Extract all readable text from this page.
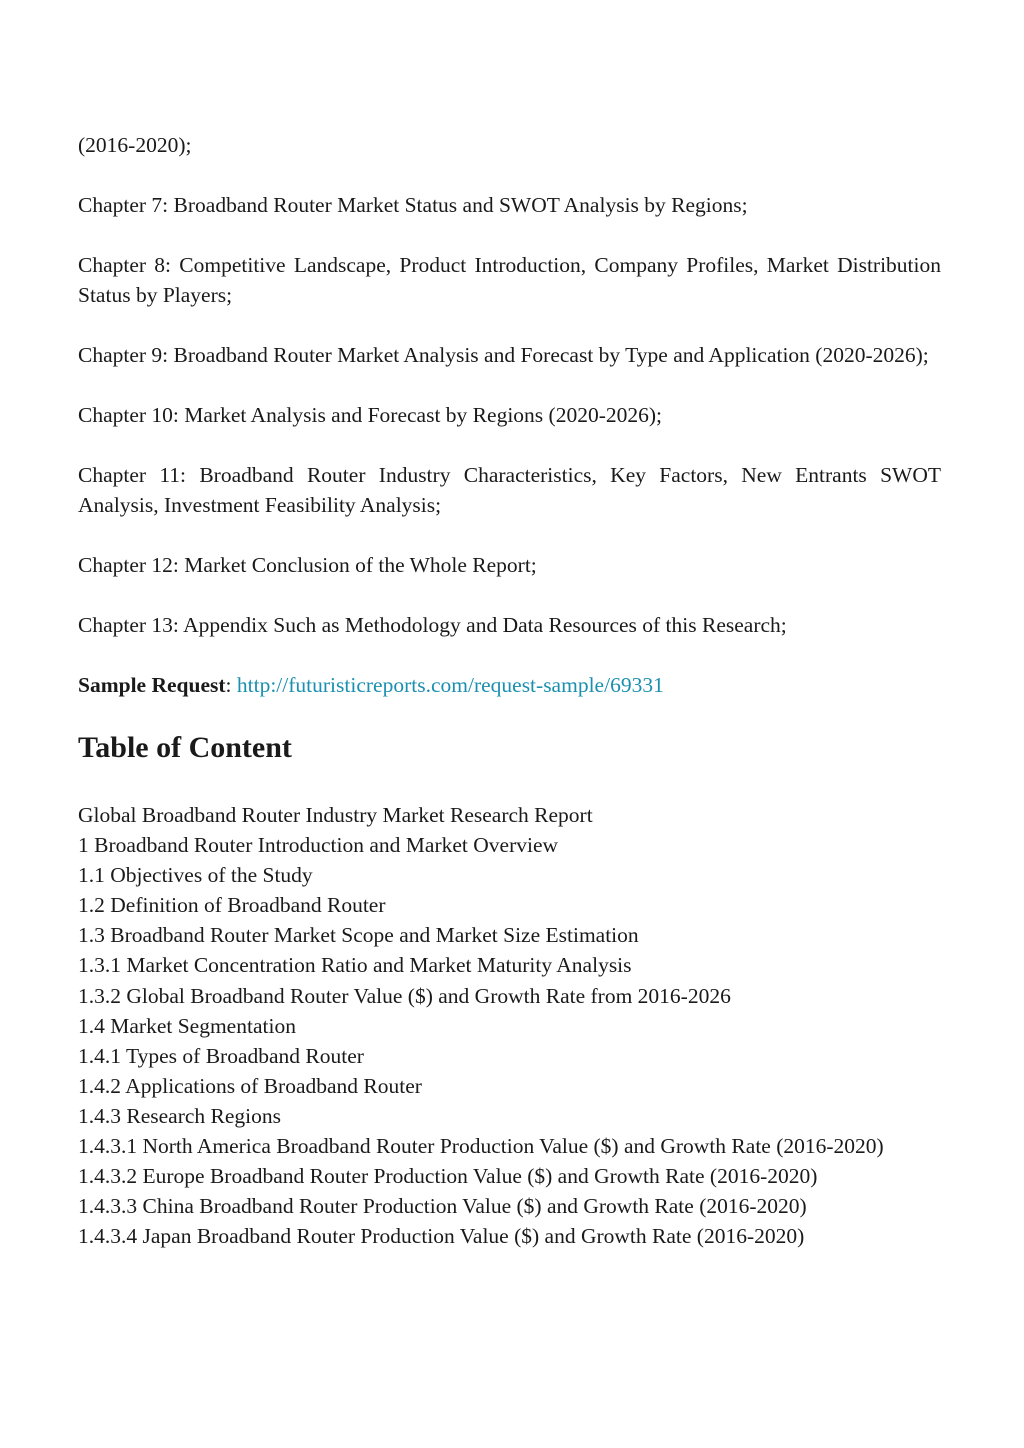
(2016-2020);

Chapter 7: Broadband Router Market Status and SWOT Analysis by Regions;

Chapter 8: Competitive Landscape, Product Introduction, Company Profiles, Market Distribution Status by Players;

Chapter 9: Broadband Router Market Analysis and Forecast by Type and Application (2020-2026);

Chapter 10: Market Analysis and Forecast by Regions (2020-2026);

Chapter 11: Broadband Router Industry Characteristics, Key Factors, New Entrants SWOT Analysis, Investment Feasibility Analysis;

Chapter 12: Market Conclusion of the Whole Report;

Chapter 13: Appendix Such as Methodology and Data Resources of this Research;

Sample Request: http://futuristicreports.com/request-sample/69331

Table of Content
Global Broadband Router Industry Market Research Report
1 Broadband Router Introduction and Market Overview
1.1 Objectives of the Study
1.2 Definition of Broadband Router
1.3 Broadband Router Market Scope and Market Size Estimation
1.3.1 Market Concentration Ratio and Market Maturity Analysis
1.3.2 Global Broadband Router Value ($) and Growth Rate from 2016-2026
1.4 Market Segmentation
1.4.1 Types of Broadband Router
1.4.2 Applications of Broadband Router
1.4.3 Research Regions
1.4.3.1 North America Broadband Router Production Value ($) and Growth Rate (2016-2020)
1.4.3.2 Europe Broadband Router Production Value ($) and Growth Rate (2016-2020)
1.4.3.3 China Broadband Router Production Value ($) and Growth Rate (2016-2020)
1.4.3.4 Japan Broadband Router Production Value ($) and Growth Rate (2016-2020)
